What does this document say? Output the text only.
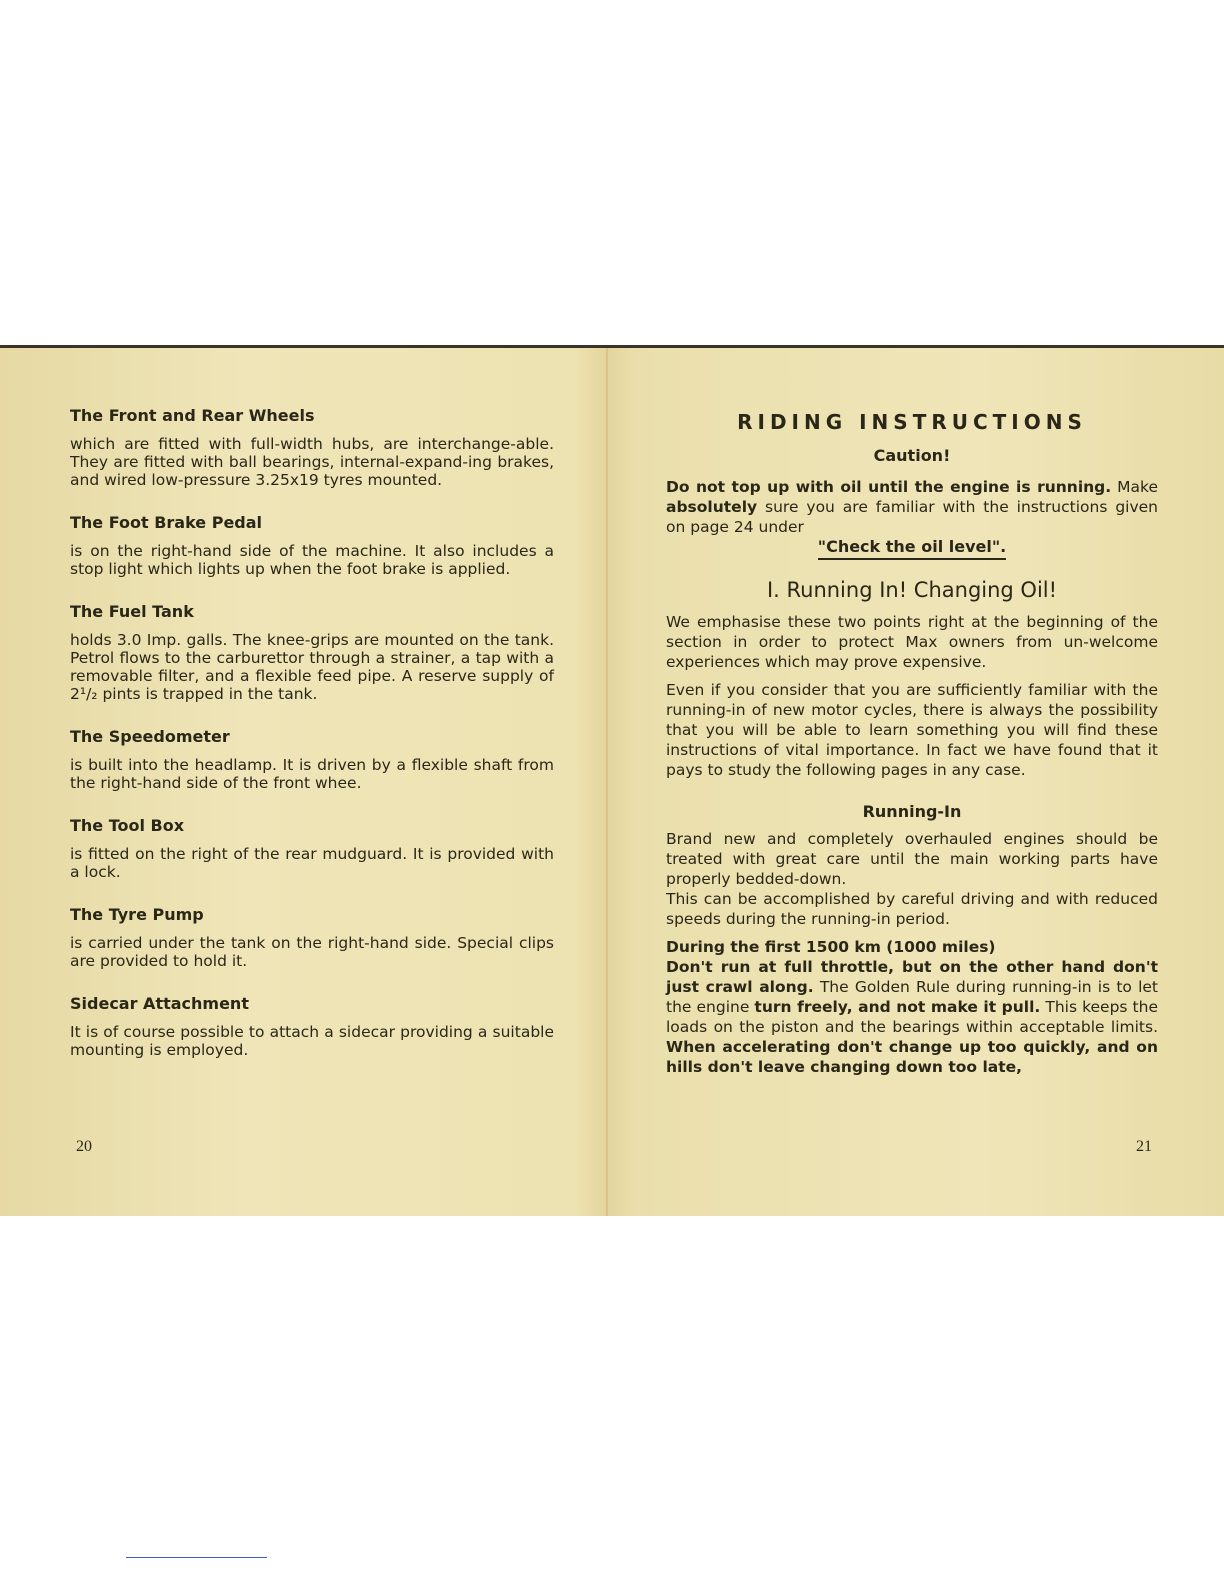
The Front and Rear Wheels

which are fitted with full-width hubs, are interchange-able. They are fitted with ball bearings, internal-expand-ing brakes, and wired low-pressure 3.25x19 tyres mounted.

The Foot Brake Pedal

is on the right-hand side of the machine. It also includes a stop light which lights up when the foot brake is applied.

The Fuel Tank

holds 3.0 Imp. galls. The knee-grips are mounted on the tank. Petrol flows to the carburettor through a strainer, a tap with a removable filter, and a flexible feed pipe. A reserve supply of 2¹/₂ pints is trapped in the tank.

The Speedometer

is built into the headlamp. It is driven by a flexible shaft from the right-hand side of the front whee.

The Tool Box

is fitted on the right of the rear mudguard. It is provided with a lock.

The Tyre Pump

is carried under the tank on the right-hand side. Special clips are provided to hold it.

Sidecar Attachment

It is of course possible to attach a sidecar providing a suitable mounting is employed.

20

RIDING INSTRUCTIONS

Caution!

Do not top up with oil until the engine is running. Make absolutely sure you are familiar with the instructions given on page 24 under

"Check the oil level".

I. Running In! Changing Oil!

We emphasise these two points right at the beginning of the section in order to protect Max owners from un-welcome experiences which may prove expensive.

Even if you consider that you are sufficiently familiar with the running-in of new motor cycles, there is always the possibility that you will be able to learn something you will find these instructions of vital importance. In fact we have found that it pays to study the following pages in any case.

Running-In

Brand new and completely overhauled engines should be treated with great care until the main working parts have properly bedded-down.

This can be accomplished by careful driving and with reduced speeds during the running-in period.

During the first 1500 km (1000 miles)

Don't run at full throttle, but on the other hand don't just crawl along. The Golden Rule during running-in is to let the engine turn freely, and not make it pull. This keeps the loads on the piston and the bearings within acceptable limits. When accelerating don't change up too quickly, and on hills don't leave changing down too late,

21
